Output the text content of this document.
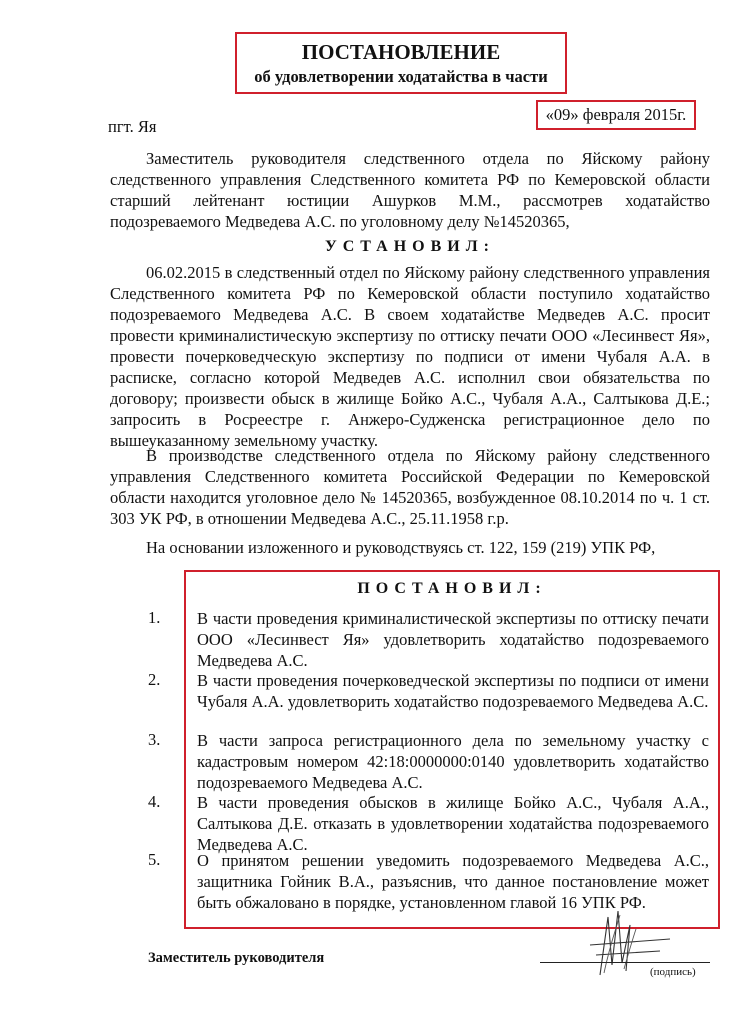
ПОСТАНОВЛЕНИЕ
об удовлетворении ходатайства в части
пгт. Яя
«09» февраля 2015г.
Заместитель руководителя следственного отдела по Яйскому району следственного управления Следственного комитета РФ по Кемеровской области старший лейтенант юстиции Ашурков М.М., рассмотрев ходатайство подозреваемого Медведева А.С. по уголовному делу №14520365,
УСТАНОВИЛ:
06.02.2015 в следственный отдел по Яйскому району следственного управления Следственного комитета РФ по Кемеровской области поступило ходатайство подозреваемого Медведева А.С. В своем ходатайстве Медведев А.С. просит провести криминалистическую экспертизу по оттиску печати ООО «Лесинвест Яя», провести почерковедческую экспертизу по подписи от имени Чубаля А.А. в расписке, согласно которой Медведев А.С. исполнил свои обязательства по договору; произвести обыск в жилище Бойко А.С., Чубаля А.А., Салтыкова Д.Е.; запросить в Росреестре г. Анжеро-Судженска регистрационное дело по вышеуказанному земельному участку.
В производстве следственного отдела по Яйскому району следственного управления Следственного комитета Российской Федерации по Кемеровской области находится уголовное дело № 14520365, возбужденное 08.10.2014 по ч. 1 ст. 303 УК РФ, в отношении Медведева А.С., 25.11.1958 г.р.
На основании изложенного и руководствуясь ст. 122, 159 (219) УПК РФ,
ПОСТАНОВИЛ:
1. В части проведения криминалистической экспертизы по оттиску печати ООО «Лесинвест Яя» удовлетворить ходатайство подозреваемого Медведева А.С.
2. В части проведения почерковедческой экспертизы по подписи от имени Чубаля А.А. удовлетворить ходатайство подозреваемого Медведева А.С.
3. В части запроса регистрационного дела по земельному участку с кадастровым номером 42:18:0000000:0140 удовлетворить ходатайство подозреваемого Медведева А.С.
4. В части проведения обысков в жилище Бойко А.С., Чубаля А.А., Салтыкова Д.Е. отказать в удовлетворении ходатайства подозреваемого Медведева А.С.
5. О принятом решении уведомить подозреваемого Медведева А.С., защитника Гойник В.А., разъяснив, что данное постановление может быть обжаловано в порядке, установленном главой 16 УПК РФ.
Заместитель руководителя
(подпись)
